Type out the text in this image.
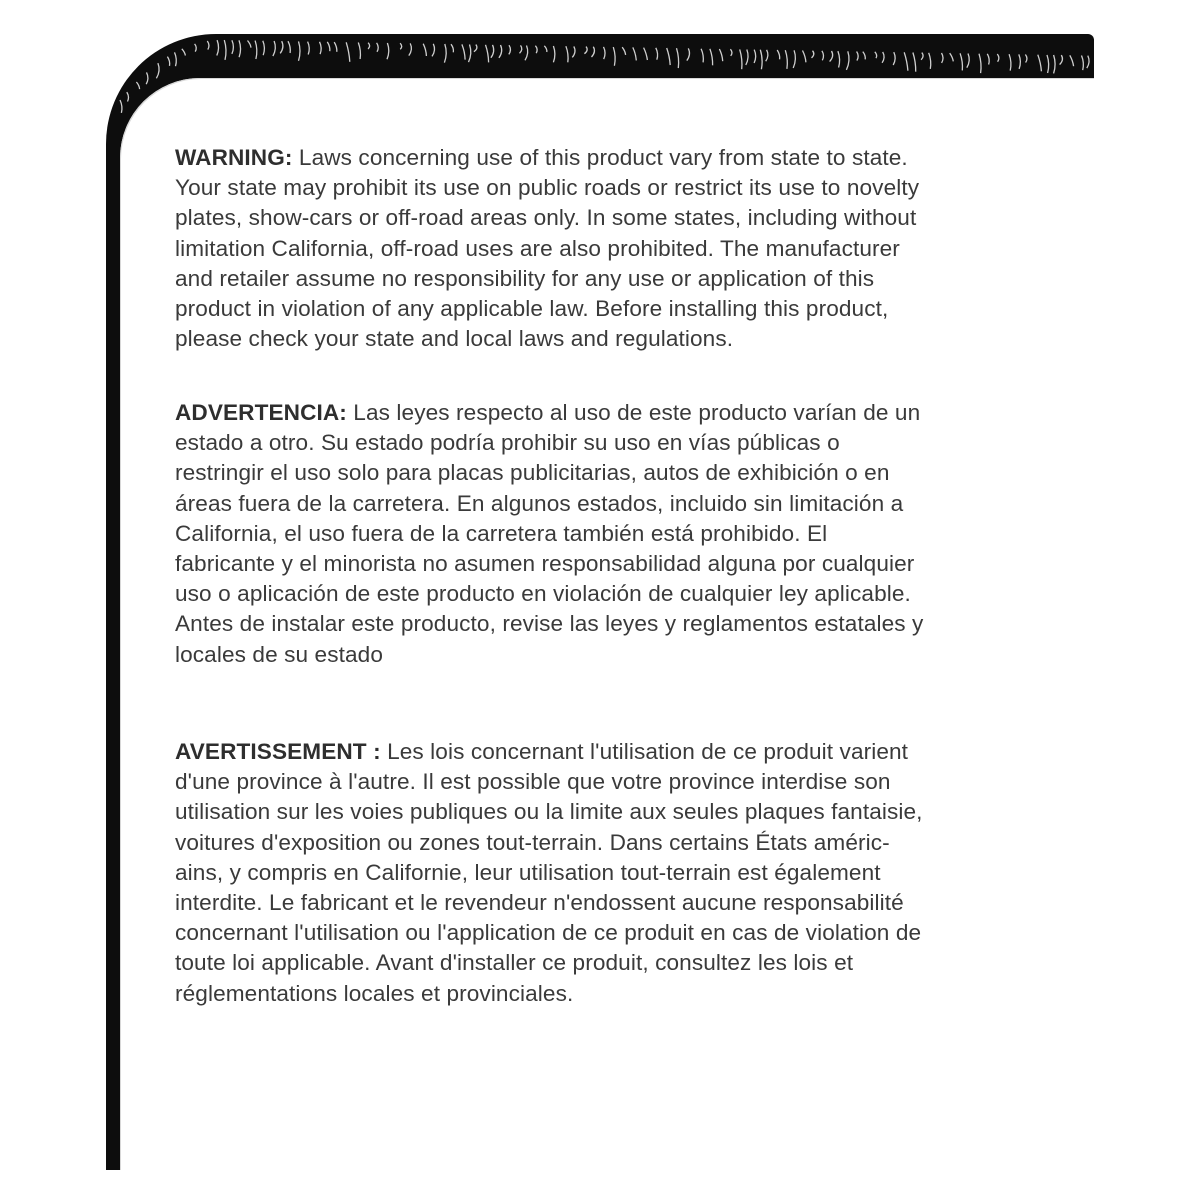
WARNING: Laws concerning use of this product vary from state to state.
Your state may prohibit its use on public roads or restrict its use to novelty
plates, show-cars or off-road areas only. In some states, including without
limitation California, off-road uses are also prohibited. The manufacturer
and retailer assume no responsibility for any use or application of this
product in violation of any applicable law. Before installing this product,
please check your state and local laws and regulations.
ADVERTENCIA: Las leyes respecto al uso de este producto varían de un
estado a otro. Su estado podría prohibir su uso en vías públicas o
restringir el uso solo para placas publicitarias, autos de exhibición o en
áreas fuera de la carretera. En algunos estados, incluido sin limitación a
California, el uso fuera de la carretera también está prohibido. El
fabricante y el minorista no asumen responsabilidad alguna por cualquier
uso o aplicación de este producto en violación de cualquier ley aplicable.
Antes de instalar este producto, revise las leyes y reglamentos estatales y
locales de su estado
AVERTISSEMENT : Les lois concernant l'utilisation de ce produit varient
d'une province à l'autre. Il est possible que votre province interdise son
utilisation sur les voies publiques ou la limite aux seules plaques fantaisie,
voitures d'exposition ou zones tout-terrain. Dans certains États améric-
ains, y compris en Californie, leur utilisation tout-terrain est également
interdite. Le fabricant et le revendeur n'endossent aucune responsabilité
concernant l'utilisation ou l'application de ce produit en cas de violation de
toute loi applicable. Avant d'installer ce produit, consultez les lois et
réglementations locales et provinciales.
